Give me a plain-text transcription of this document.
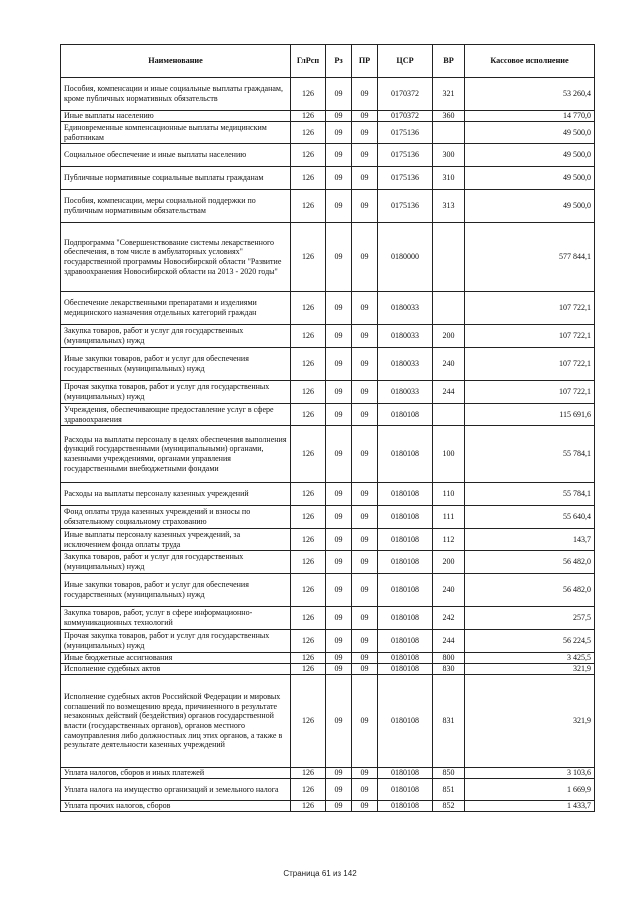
Наименование	ГлРсп	Рз	ПР	ЦСР	ВР	Кассовое исполнение
Пособия, компенсации и иные социальные выплаты гражданам, кроме публичных нормативных обязательств	126	09	09	0170372	321	53 260,4
Иные выплаты населению	126	09	09	0170372	360	14 770,0
Единовременные компенсационные выплаты медицинским работникам	126	09	09	0175136		49 500,0
Социальное обеспечение и иные выплаты населению	126	09	09	0175136	300	49 500,0
Публичные нормативные социальные выплаты гражданам	126	09	09	0175136	310	49 500,0
Пособия, компенсации, меры социальной поддержки по публичным нормативным обязательствам	126	09	09	0175136	313	49 500,0
Подпрограмма "Совершенствование системы лекарственного обеспечения, в том числе в амбулаторных условиях" государственной программы Новосибирской области "Развитие здравоохранения Новосибирской области на 2013 - 2020 годы"	126	09	09	0180000		577 844,1
Обеспечение лекарственными препаратами и изделиями медицинского назначения отдельных категорий граждан	126	09	09	0180033		107 722,1
Закупка товаров, работ и услуг для государственных (муниципальных) нужд	126	09	09	0180033	200	107 722,1
Иные закупки товаров, работ и услуг для обеспечения государственных (муниципальных) нужд	126	09	09	0180033	240	107 722,1
Прочая закупка товаров, работ и услуг для государственных (муниципальных) нужд	126	09	09	0180033	244	107 722,1
Учреждения, обеспечивающие предоставление услуг в сфере здравоохранения	126	09	09	0180108		115 691,6
Расходы на выплаты персоналу в целях обеспечения выполнения функций государственными (муниципальными) органами, казенными учреждениями, органами управления государственными внебюджетными фондами	126	09	09	0180108	100	55 784,1
Расходы на выплаты персоналу казенных учреждений	126	09	09	0180108	110	55 784,1
Фонд оплаты труда казенных учреждений и взносы по обязательному социальному страхованию	126	09	09	0180108	111	55 640,4
Иные выплаты персоналу казенных учреждений, за исключением фонда оплаты труда	126	09	09	0180108	112	143,7
Закупка товаров, работ и услуг для государственных (муниципальных) нужд	126	09	09	0180108	200	56 482,0
Иные закупки товаров, работ и услуг для обеспечения государственных (муниципальных) нужд	126	09	09	0180108	240	56 482,0
Закупка товаров, работ, услуг в сфере информационно-коммуникационных технологий	126	09	09	0180108	242	257,5
Прочая закупка товаров, работ и услуг для государственных (муниципальных) нужд	126	09	09	0180108	244	56 224,5
Иные бюджетные ассигнования	126	09	09	0180108	800	3 425,5
Исполнение судебных актов	126	09	09	0180108	830	321,9
Исполнение судебных актов Российской Федерации и мировых соглашений по возмещению вреда, причиненного в результате незаконных действий (бездействия) органов государственной власти (государственных органов), органов местного самоуправления либо должностных лиц этих органов, а также в результате деятельности казенных учреждений	126	09	09	0180108	831	321,9
Уплата налогов, сборов и иных платежей	126	09	09	0180108	850	3 103,6
Уплата налога на имущество организаций и земельного налога	126	09	09	0180108	851	1 669,9
Уплата прочих налогов, сборов	126	09	09	0180108	852	1 433,7
Страница 61 из 142
